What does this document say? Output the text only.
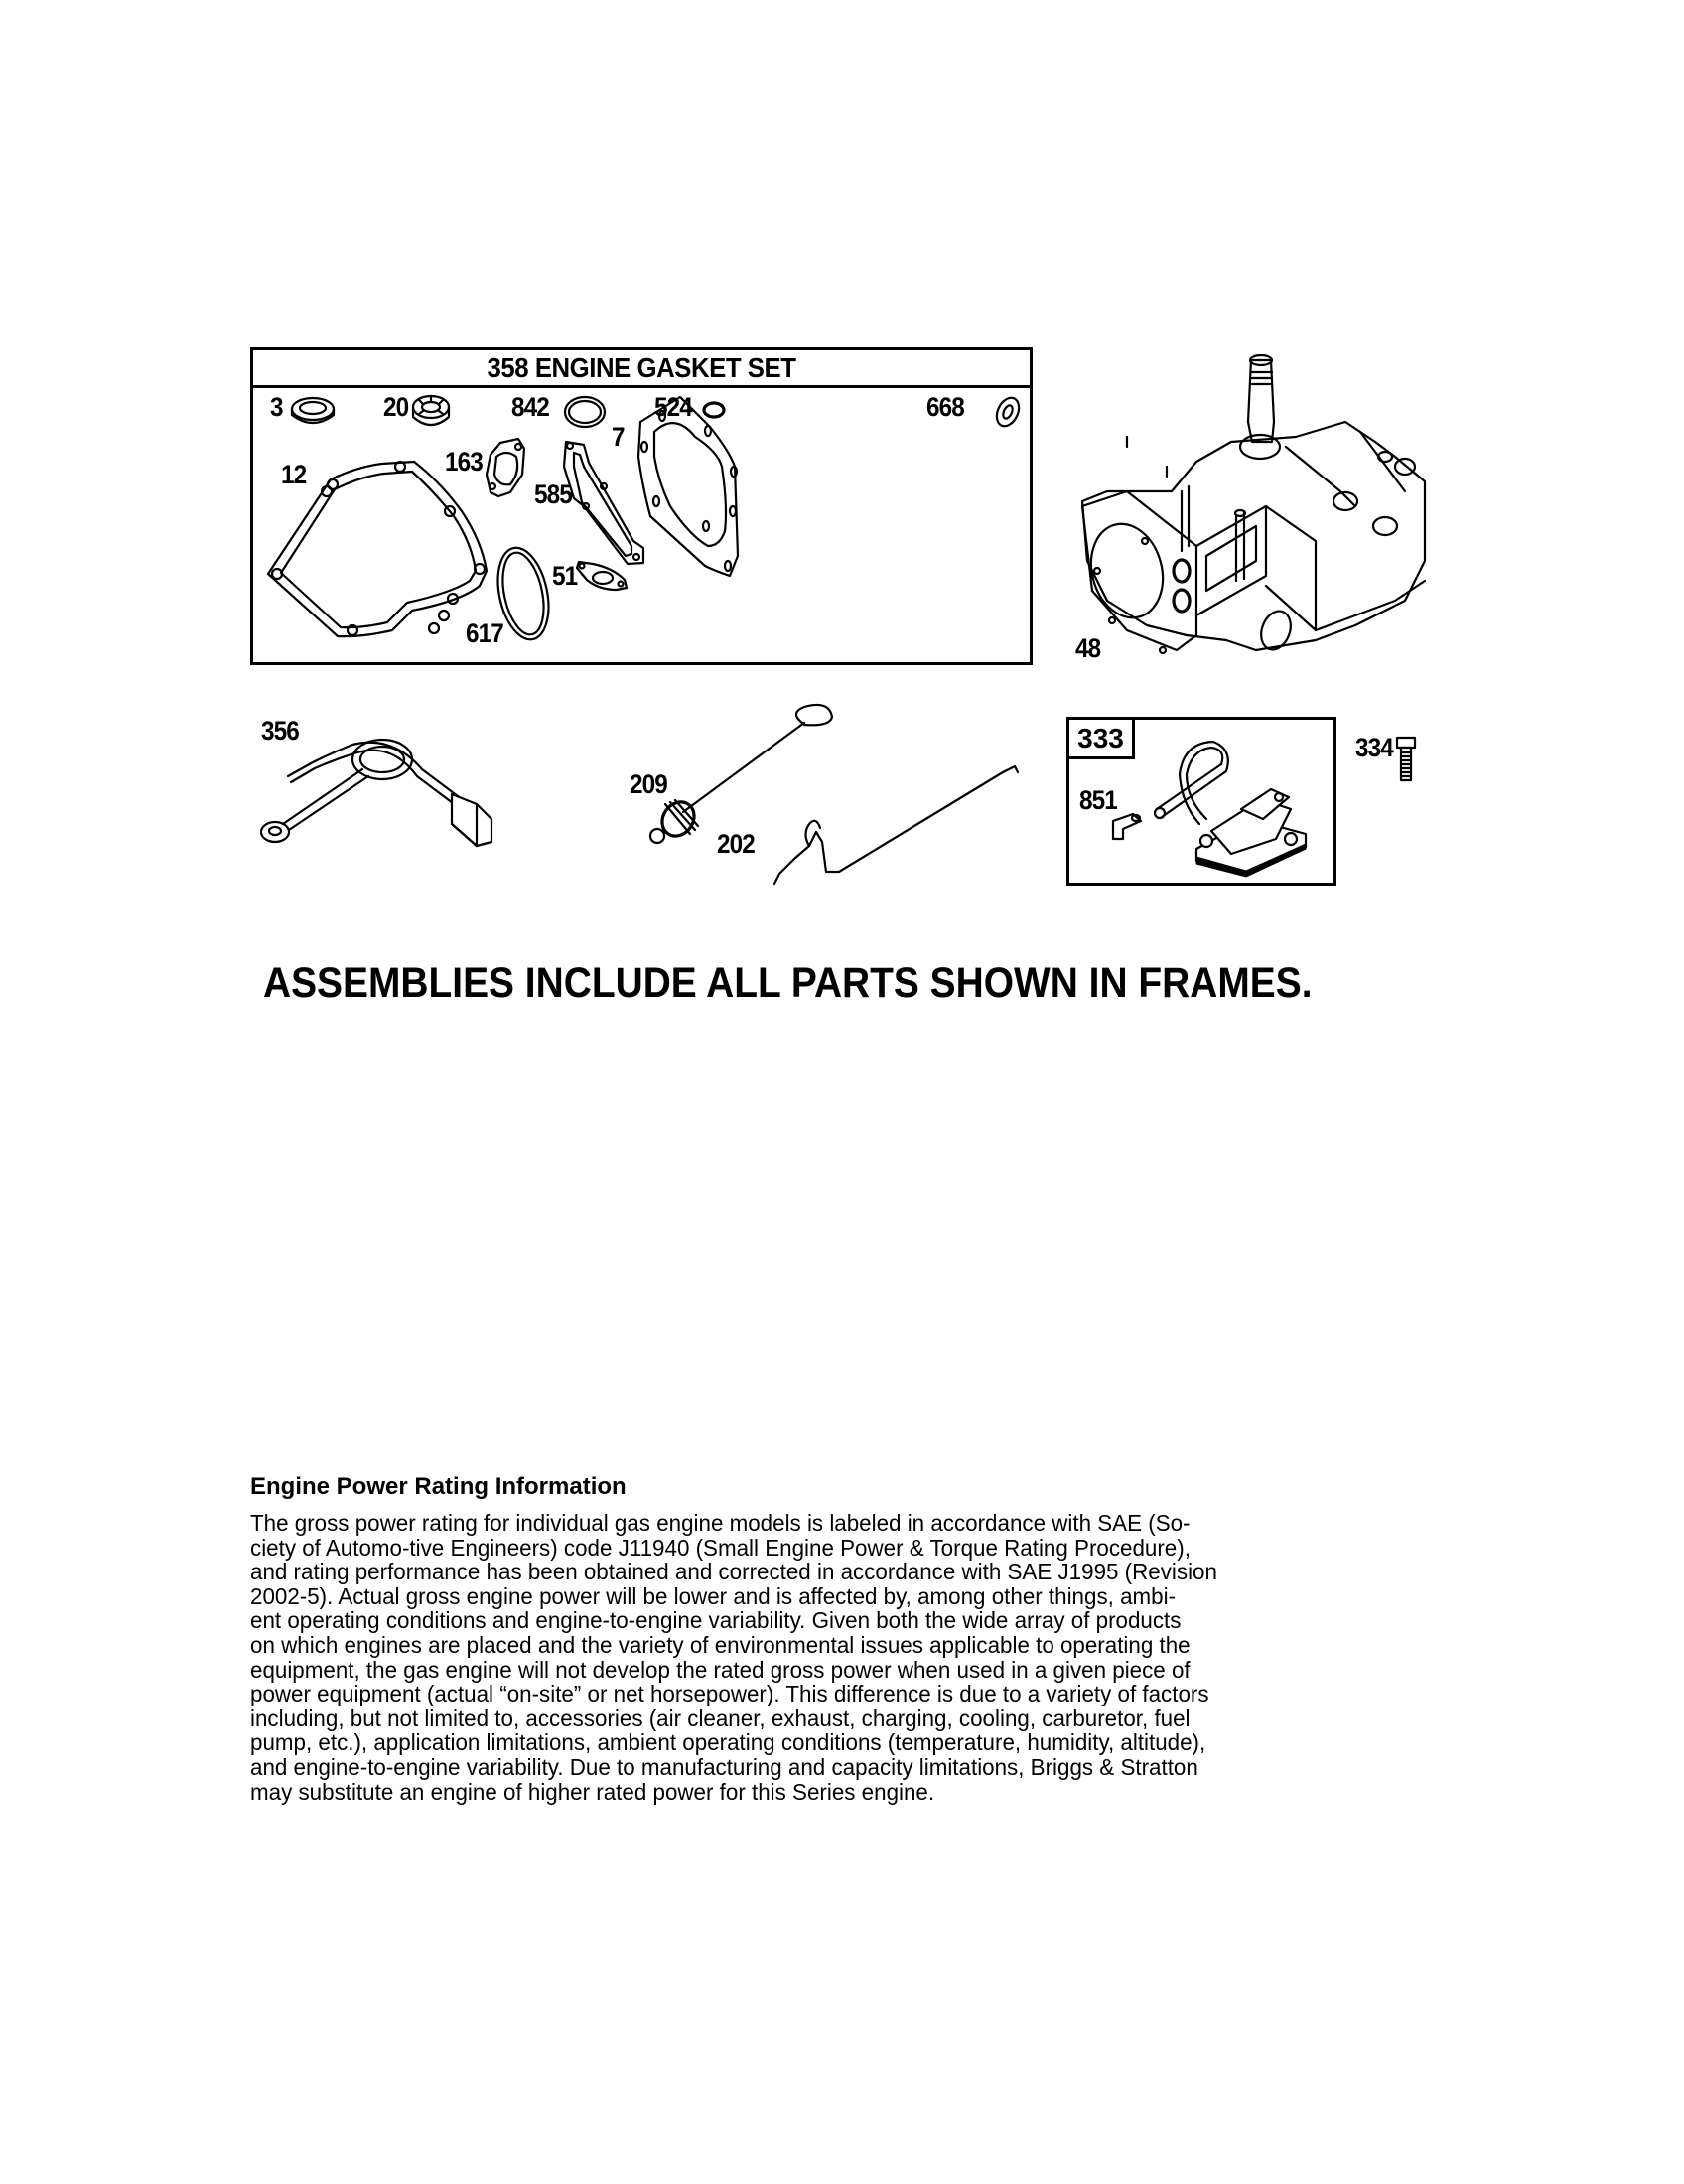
358 ENGINE GASKET SET
3	20	842	524	668
12	163
7
585
51
617	48
356
209
202
333
851
334
ASSEMBLIES INCLUDE ALL PARTS SHOWN IN FRAMES.
Engine Power Rating Information
The gross power rating for individual gas engine models is labeled in accordance with SAE (So-
ciety of Automo-tive Engineers) code J11940 (Small Engine Power & Torque Rating Procedure),
and rating performance has been obtained and corrected in accordance with SAE J1995 (Revision
2002-5). Actual gross engine power will be lower and is affected by, among other things, ambi-
ent operating conditions and engine-to-engine variability. Given both the wide array of products
on which engines are placed and the variety of environmental issues applicable to operating the
equipment, the gas engine will not develop the rated gross power when used in a given piece of
power equipment (actual “on-site” or net horsepower). This difference is due to a variety of factors
including, but not limited to, accessories (air cleaner, exhaust, charging, cooling, carburetor, fuel
pump, etc.), application limitations, ambient operating conditions (temperature, humidity, altitude),
and engine-to-engine variability. Due to manufacturing and capacity limitations, Briggs & Stratton
may substitute an engine of higher rated power for this Series engine.
